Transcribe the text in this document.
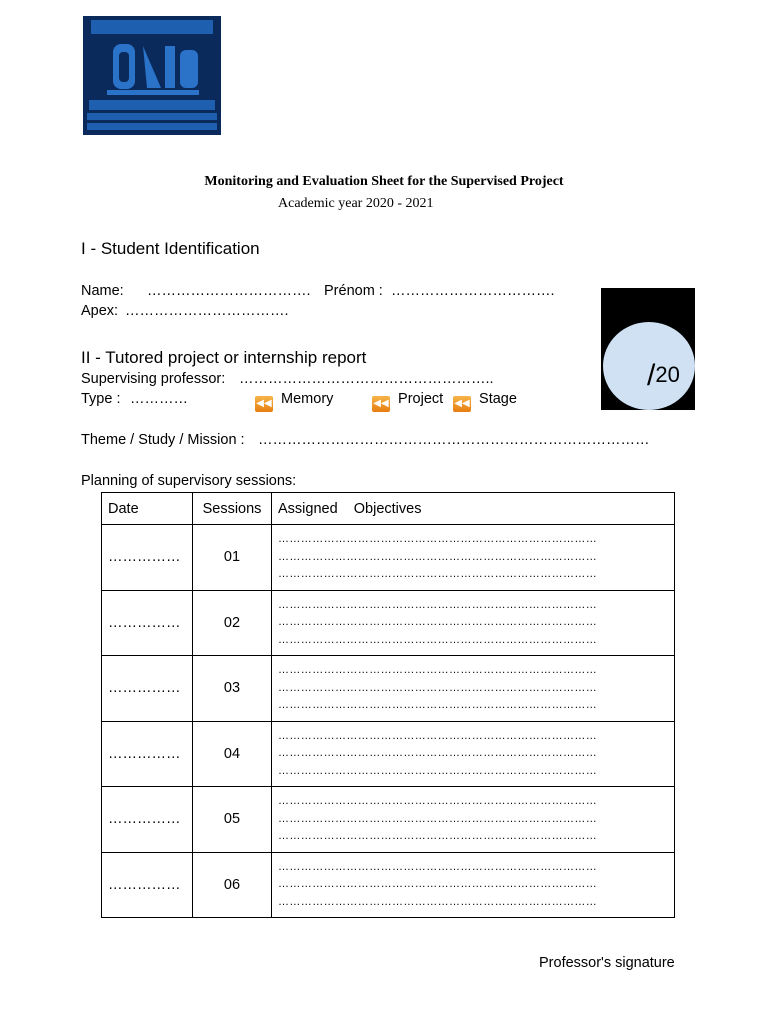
Monitoring and Evaluation Sheet for the Supervised Project
Academic year 2020 - 2021
I - Student Identification
Name: ……………………………. Prénom : …………………………….
Apex: …………………………….
/20
II - Tutored project or internship report
Supervising professor: ……………………………………………..
Type : …………	◀◀ Memory	◀◀ Project ◀◀ Stage
Theme / Study / Mission : ………………………………………………………………………
Planning of supervisory sessions:
Date	Sessions	Assigned    Objectives
……………	01	…………………………………………………………………………
…………………………………………………………………………
…………………………………………………………………………

……………	02	…………………………………………………………………………
…………………………………………………………………………
…………………………………………………………………………

……………	03	…………………………………………………………………………
…………………………………………………………………………
…………………………………………………………………………

……………	04	…………………………………………………………………………
…………………………………………………………………………
…………………………………………………………………………

……………	05	…………………………………………………………………………
…………………………………………………………………………
…………………………………………………………………………

……………	06	…………………………………………………………………………
…………………………………………………………………………
…………………………………………………………………………
Professor's signature
